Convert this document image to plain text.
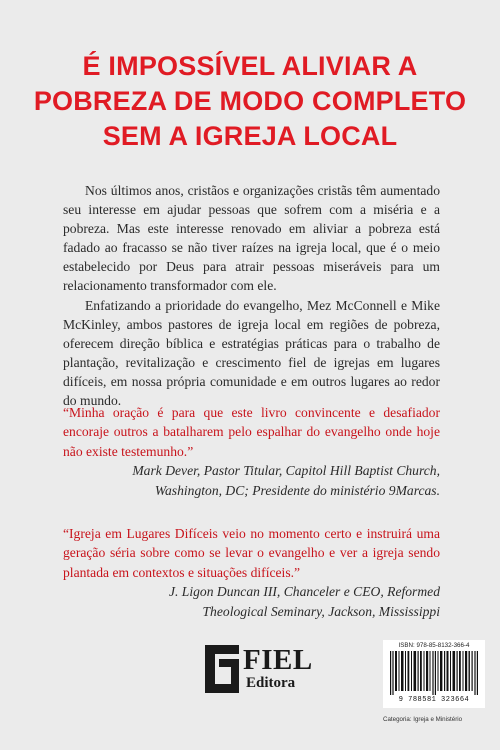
É IMPOSSÍVEL ALIVIAR A
POBREZA DE MODO COMPLETO
SEM A IGREJA LOCAL

Nos últimos anos, cristãos e organizações cristãs têm aumentado seu interesse em ajudar pessoas que sofrem com a miséria e a pobreza. Mas este interesse renovado em aliviar a pobreza está fadado ao fracasso se não tiver raízes na igreja local, que é o meio estabelecido por Deus para atrair pessoas miseráveis para um relacionamento transformador com ele.

Enfatizando a prioridade do evangelho, Mez McConnell e Mike McKinley, ambos pastores de igreja local em regiões de pobreza, oferecem direção bíblica e estratégias práticas para o trabalho de plantação, revitalização e crescimento fiel de igrejas em lugares difíceis, em nossa própria comunidade e em outros lugares ao redor do mundo.

“Minha oração é para que este livro convincente e desafiador encoraje outros a batalharem pelo espalhar do evangelho onde hoje não existe testemunho.”
Mark Dever, Pastor Titular, Capitol Hill Baptist Church,
Washington, DC; Presidente do ministério 9Marcas.
“Igreja em Lugares Difíceis veio no momento certo e instruirá uma geração séria sobre como se levar o evangelho e ver a igreja sendo plantada em contextos e situações difíceis.”
J. Ligon Duncan III, Chanceler e CEO, Reformed
Theological Seminary, Jackson, Mississippi
FIEL
Editora
ISBN: 978-85-8132-366-4
9 788581 323664
Categoria: Igreja e Ministério
